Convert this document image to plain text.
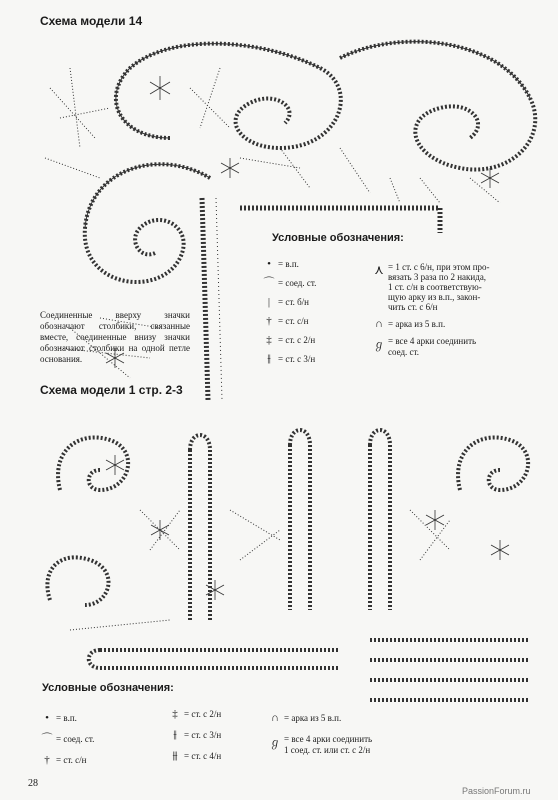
Схема модели 14
Условные обозначения:
• = в.п.
⌒ = соед. ст.
| = ст. б/н
† = ст. с/н
‡ = ст. с 2/н
⫲ = ст. с 3/н
⋏ = 1 ст. с 6/н, при этом про-
вязать 3 раза по 2 накида,
1 ст. с/н в соответствую-
щую арку из в.п., закон-
чить ст. с 6/н
∩ = арка из 5 в.п.
ℊ = все 4 арки соединить
соед. ст.
Соединенные вверху значки обозначают столбики, связанные вместе, соединенные внизу значки обозначают столбики на одной петле основания.
Схема модели 1 стр. 2-3
Условные обозначения:
• = в.п.
⌒ = соед. ст.
† = ст. с/н
‡ = ст. с 2/н
⫲ = ст. с 3/н
⫵ = ст. с 4/н
∩ = арка из 5 в.п.
ℊ = все 4 арки соединить
1 соед. ст. или ст. с 2/н
28
PassionForum.ru
